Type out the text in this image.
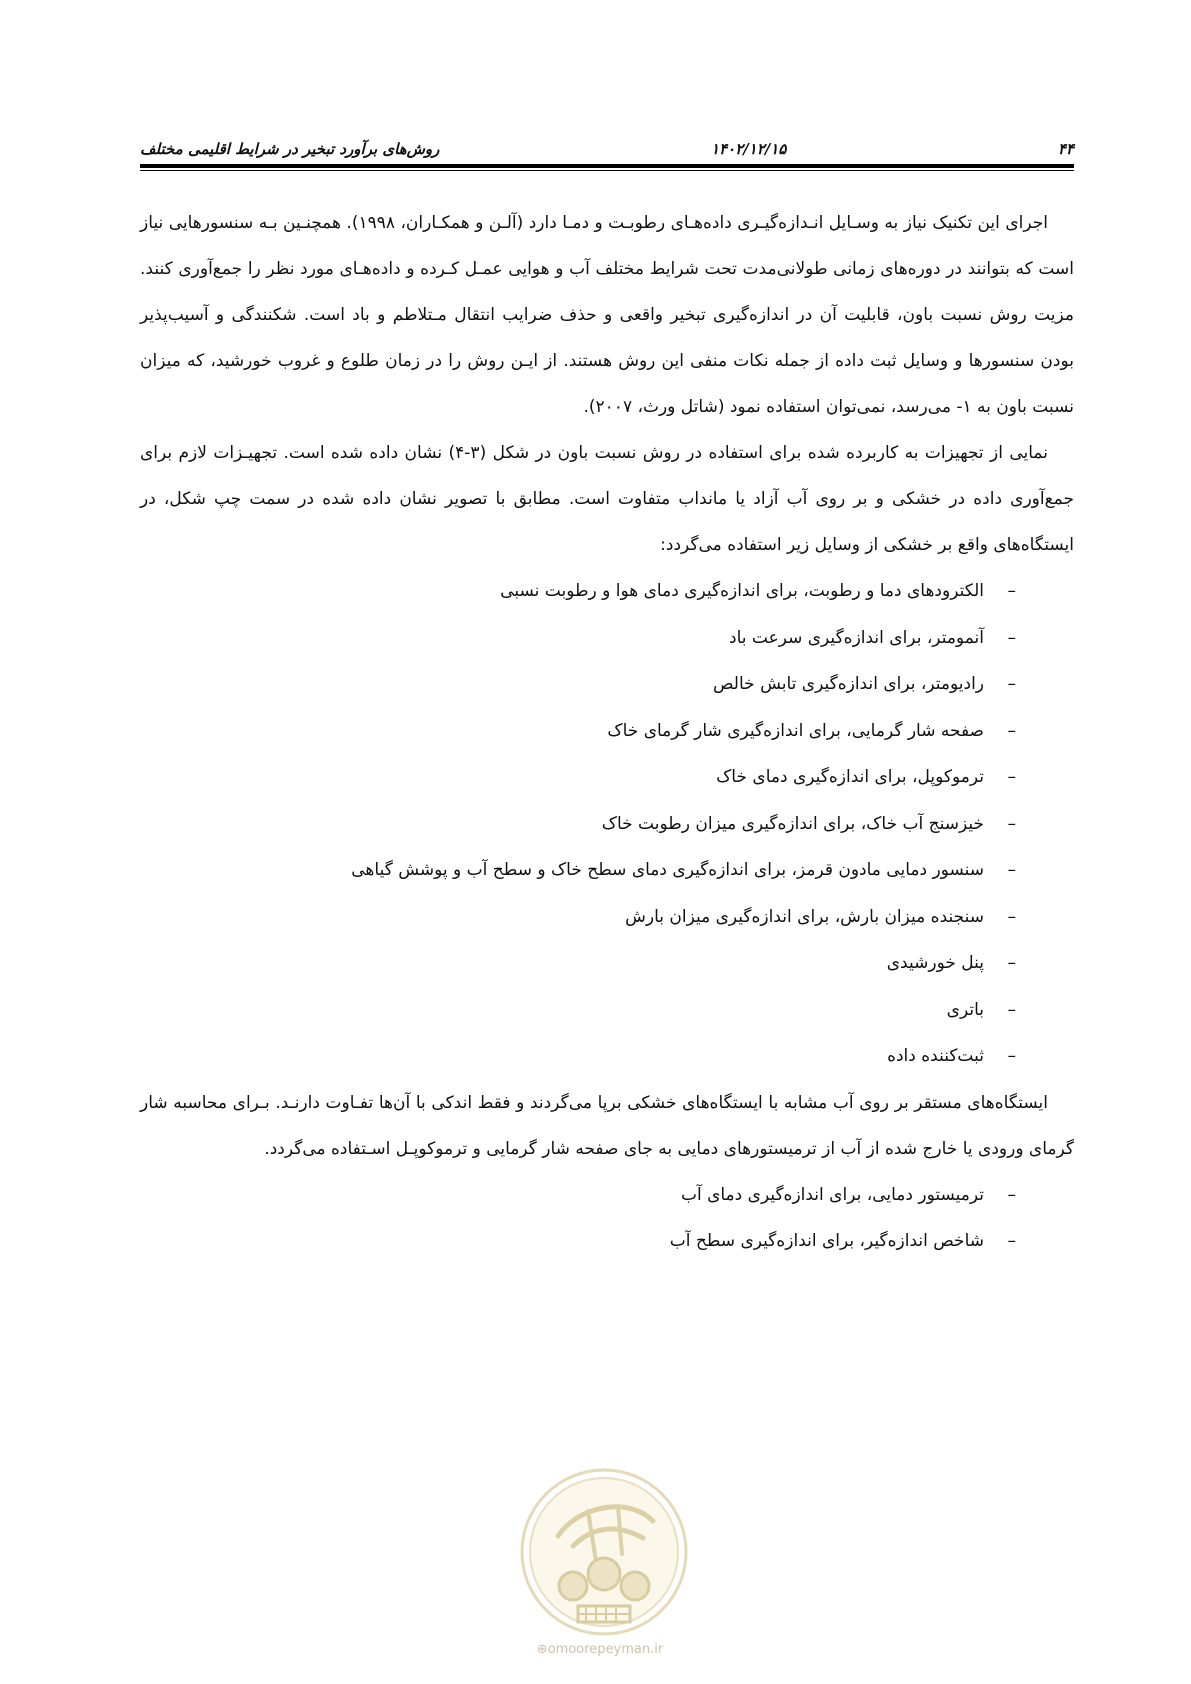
روش‌های برآورد تبخیر در شرایط اقلیمی مختلف	۱۴۰۲/۱۲/۱۵	۴۴

اجرای این تکنیک نیاز به وسـایل انـدازه‌گیـری داده‌هـای رطوبـت و دمـا دارد (آلـن و همکـاران، ۱۹۹۸). همچنـین بـه سنسورهایی نیاز است که بتوانند در دوره‌های زمانی طولانی‌مدت تحت شرایط مختلف آب و هوایی عمـل کـرده و داده‌هـای مورد نظر را جمع‌آوری کنند. مزیت روش نسبت باون، قابلیت آن در اندازه‌گیری تبخیر واقعی و حذف ضرایب انتقال مـتلاطم و باد است. شکنندگی و آسیب‌پذیر بودن سنسورها و وسایل ثبت داده از جمله نکات منفی این روش هستند. از ایـن روش را در زمان طلوع و غروب خورشید، که میزان نسبت باون به ۱- می‌رسد، نمی‌توان استفاده نمود (شاتل ورث، ۲۰۰۷).

نمایی از تجهیزات به کاربرده شده برای استفاده در روش نسبت باون در شکل (۳-۴) نشان داده شده است. تجهیـزات لازم برای جمع‌آوری داده در خشکی و بر روی آب آزاد یا مانداب متفاوت است. مطابق با تصویر نشان داده شده در سمت چپ شکل، در ایستگاه‌های واقع بر خشکی از وسایل زیر استفاده می‌گردد:

–
الکترودهای دما و رطوبت، برای اندازه‌گیری دمای هوا و رطوبت نسبی
–
آنمومتر، برای اندازه‌گیری سرعت باد
–
رادیومتر، برای اندازه‌گیری تابش خالص
–
صفحه شار گرمایی، برای اندازه‌گیری شار گرمای خاک
–
ترموکوپل، برای اندازه‌گیری دمای خاک
–
خیزسنج آب خاک، برای اندازه‌گیری میزان رطوبت خاک
–
سنسور دمایی مادون قرمز، برای اندازه‌گیری دمای سطح خاک و سطح آب و پوشش گیاهی
–
سنجنده میزان بارش، برای اندازه‌گیری میزان بارش
–
پنل خورشیدی
–
باتری
–
ثبت‌کننده داده

ایستگاه‌های مستقر بر روی آب مشابه با ایستگاه‌های خشکی برپا می‌گردند و فقط اندکی با آن‌ها تفـاوت دارنـد. بـرای محاسبه شار گرمای ورودی یا خارج شده از آب از ترمیستورهای دمایی به جای صفحه شار گرمایی و ترموکوپـل اسـتفاده می‌گردد.

–
ترمیستور دمایی، برای اندازه‌گیری دمای آب
–
شاخص اندازه‌گیر، برای اندازه‌گیری سطح آب
⊕omoorepeyman.ir
